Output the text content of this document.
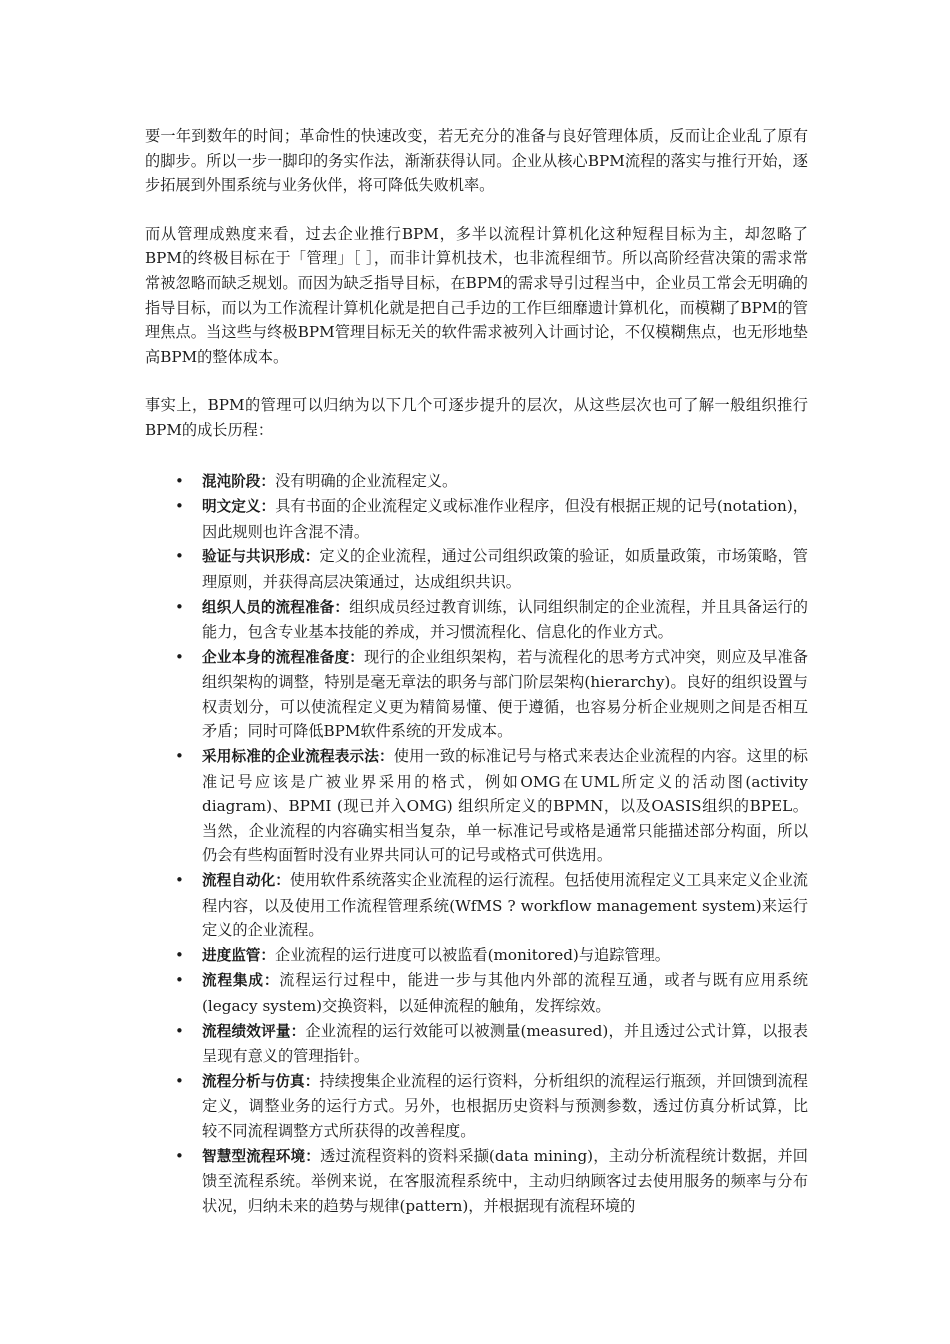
要一年到数年的时间；革命性的快速改变，若无充分的准备与良好管理体质，反而让企业乱了原有的脚步。所以一步一脚印的务实作法，渐渐获得认同。企业从核心BPM流程的落实与推行开始，逐步拓展到外围系统与业务伙伴，将可降低失败机率。

而从管理成熟度来看，过去企业推行BPM，多半以流程计算机化这种短程目标为主，却忽略了BPM的终极目标在于「管理」［ ］，而非计算机技术，也非流程细节。所以高阶经营决策的需求常常被忽略而缺乏规划。而因为缺乏指导目标，在BPM的需求导引过程当中，企业员工常会无明确的指导目标，而以为工作流程计算机化就是把自己手边的工作巨细靡遗计算机化，而模糊了BPM的管理焦点。当这些与终极BPM管理目标无关的软件需求被列入计画讨论，不仅模糊焦点，也无形地垫高BPM的整体成本。

事实上，BPM的管理可以归纳为以下几个可逐步提升的层次，从这些层次也可了解一般组织推行BPM的成长历程：

• 混沌阶段：没有明确的企业流程定义。
• 明文定义：具有书面的企业流程定义或标准作业程序，但没有根据正规的记号(notation)，因此规则也许含混不清。
• 验证与共识形成：定义的企业流程，通过公司组织政策的验证，如质量政策，市场策略，管理原则，并获得高层决策通过，达成组织共识。
• 组织人员的流程准备：组织成员经过教育训练，认同组织制定的企业流程，并且具备运行的能力，包含专业基本技能的养成，并习惯流程化、信息化的作业方式。
• 企业本身的流程准备度：现行的企业组织架构，若与流程化的思考方式冲突，则应及早准备组织架构的调整，特别是毫无章法的职务与部门阶层架构(hierarchy)。良好的组织设置与权责划分，可以使流程定义更为精简易懂、便于遵循，也容易分析企业规则之间是否相互矛盾；同时可降低BPM软件系统的开发成本。
• 采用标准的企业流程表示法：使用一致的标准记号与格式来表达企业流程的内容。这里的标准记号应该是广被业界采用的格式，例如OMG在UML所定义的活动图(activity diagram)、BPMI (现已并入OMG) 组织所定义的BPMN，以及OASIS组织的BPEL。当然，企业流程的内容确实相当复杂，单一标准记号或格是通常只能描述部分构面，所以仍会有些构面暂时没有业界共同认可的记号或格式可供选用。
• 流程自动化：使用软件系统落实企业流程的运行流程。包括使用流程定义工具来定义企业流程内容，以及使用工作流程管理系统(WfMS ? workflow management system)来运行定义的企业流程。
• 进度监管：企业流程的运行进度可以被监看(monitored)与追踪管理。
• 流程集成：流程运行过程中，能进一步与其他内外部的流程互通，或者与既有应用系统(legacy system)交换资料，以延伸流程的触角，发挥综效。
• 流程绩效评量：企业流程的运行效能可以被测量(measured)，并且透过公式计算，以报表呈现有意义的管理指针。
• 流程分析与仿真：持续搜集企业流程的运行资料，分析组织的流程运行瓶颈，并回馈到流程定义，调整业务的运行方式。另外，也根据历史资料与预测参数，透过仿真分析试算，比较不同流程调整方式所获得的改善程度。
• 智慧型流程环境：透过流程资料的资料采撷(data mining)，主动分析流程统计数据，并回馈至流程系统。举例来说，在客服流程系统中，主动归纳顾客过去使用服务的频率与分布状况，归纳未来的趋势与规律(pattern)，并根据现有流程环境的
